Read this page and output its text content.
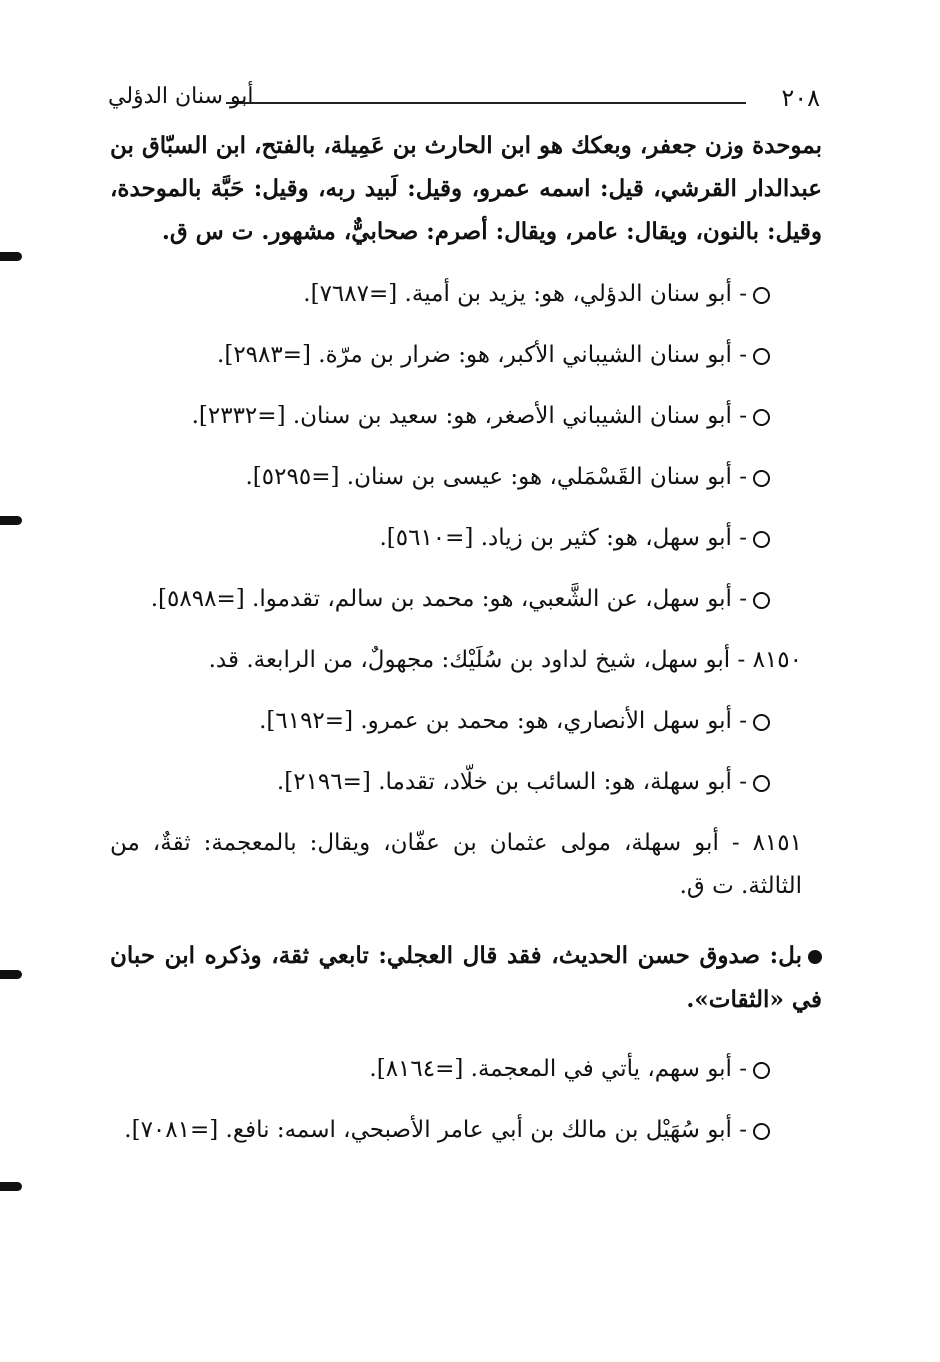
٢٠٨
أبو سنان الدؤلي

بموحدة وزن جعفر، وبعكك هو ابن الحارث بن عَمِيلة، بالفتح، ابن السبّاق بن عبدالدار القرشي، قيل: اسمه عمرو، وقيل: لَبيد ربه، وقيل: حَبَّة بالموحدة، وقيل: بالنون، ويقال: عامر، ويقال: أصرم: صحابيٌّ، مشهور. ت س ق.

- أبو سنان الدؤلي، هو: يزيد بن أمية. [=٧٦٨٧].

- أبو سنان الشيباني الأكبر، هو: ضرار بن مرّة. [=٢٩٨٣].

- أبو سنان الشيباني الأصغر، هو: سعيد بن سنان. [=٢٣٣٢].

- أبو سنان القَسْمَلي، هو: عيسى بن سنان. [=٥٢٩٥].

- أبو سهل، هو: كثير بن زياد. [=٥٦١٠].

- أبو سهل، عن الشَّعبي، هو: محمد بن سالم، تقدموا. [=٥٨٩٨].

٨١٥٠ - أبو سهل، شيخ لداود بن سُلَيْك: مجهولٌ، من الرابعة. قد.

- أبو سهل الأنصاري، هو: محمد بن عمرو. [=٦١٩٢].

- أبو سهلة، هو: السائب بن خلّاد، تقدما. [=٢١٩٦].

٨١٥١ - أبو سهلة، مولى عثمان بن عفّان، ويقال: بالمعجمة: ثقةٌ، من الثالثة. ت ق.

بل: صدوق حسن الحديث، فقد قال العجلي: تابعي ثقة، وذكره ابن حبان في «الثقات».

- أبو سهم، يأتي في المعجمة. [=٨١٦٤].

- أبو سُهَيْل بن مالك بن أبي عامر الأصبحي، اسمه: نافع. [=٧٠٨١].
